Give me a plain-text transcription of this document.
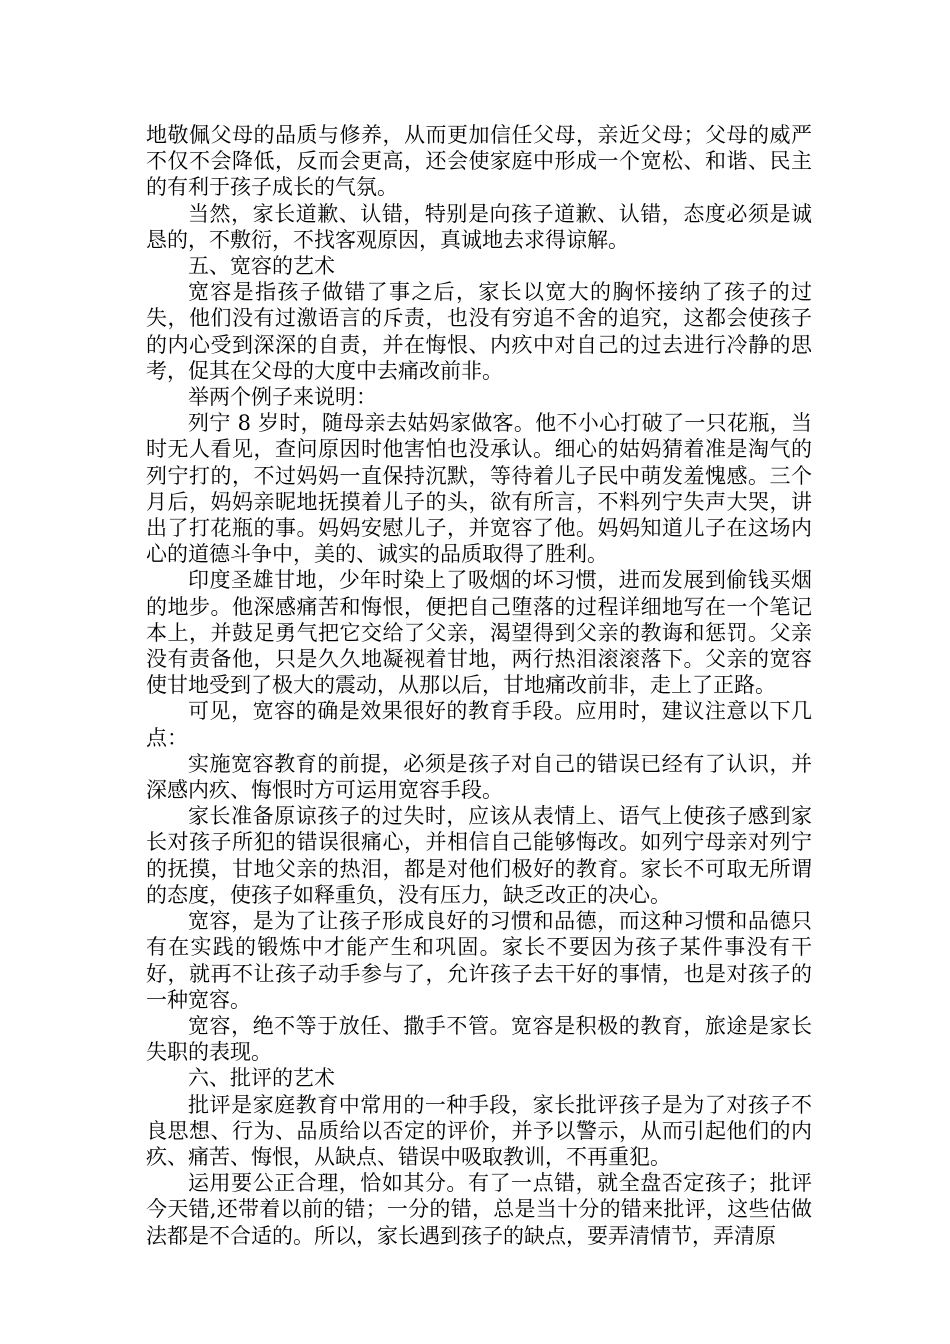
地敬佩父母的品质与修养，从而更加信任父母，亲近父母；父母的威严不仅不会降低，反而会更高，还会使家庭中形成一个宽松、和谐、民主的有利于孩子成长的气氛。

当然，家长道歉、认错，特别是向孩子道歉、认错，态度必须是诚恳的，不敷衍，不找客观原因，真诚地去求得谅解。

五、宽容的艺术

宽容是指孩子做错了事之后，家长以宽大的胸怀接纳了孩子的过失，他们没有过激语言的斥责，也没有穷追不舍的追究，这都会使孩子的内心受到深深的自责，并在悔恨、内疚中对自己的过去进行冷静的思考，促其在父母的大度中去痛改前非。

举两个例子来说明：

列宁 8 岁时，随母亲去姑妈家做客。他不小心打破了一只花瓶，当时无人看见，查问原因时他害怕也没承认。细心的姑妈猜着准是淘气的列宁打的，不过妈妈一直保持沉默，等待着儿子民中萌发羞愧感。三个月后，妈妈亲昵地抚摸着儿子的头，欲有所言，不料列宁失声大哭，讲出了打花瓶的事。妈妈安慰儿子，并宽容了他。妈妈知道儿子在这场内心的道德斗争中，美的、诚实的品质取得了胜利。

印度圣雄甘地，少年时染上了吸烟的坏习惯，进而发展到偷钱买烟的地步。他深感痛苦和悔恨，便把自己堕落的过程详细地写在一个笔记本上，并鼓足勇气把它交给了父亲，渴望得到父亲的教诲和惩罚。父亲没有责备他，只是久久地凝视着甘地，两行热泪滚滚落下。父亲的宽容使甘地受到了极大的震动，从那以后，甘地痛改前非，走上了正路。

可见，宽容的确是效果很好的教育手段。应用时，建议注意以下几点：

实施宽容教育的前提，必须是孩子对自己的错误已经有了认识，并深感内疚、悔恨时方可运用宽容手段。

家长准备原谅孩子的过失时，应该从表情上、语气上使孩子感到家长对孩子所犯的错误很痛心，并相信自己能够悔改。如列宁母亲对列宁的抚摸，甘地父亲的热泪，都是对他们极好的教育。家长不可取无所谓的态度，使孩子如释重负，没有压力，缺乏改正的决心。

宽容，是为了让孩子形成良好的习惯和品德，而这种习惯和品德只有在实践的锻炼中才能产生和巩固。家长不要因为孩子某件事没有干好，就再不让孩子动手参与了，允许孩子去干好的事情，也是对孩子的一种宽容。

宽容，绝不等于放任、撒手不管。宽容是积极的教育，旅途是家长失职的表现。

六、批评的艺术

批评是家庭教育中常用的一种手段，家长批评孩子是为了对孩子不良思想、行为、品质给以否定的评价，并予以警示，从而引起他们的内疚、痛苦、悔恨，从缺点、错误中吸取教训，不再重犯。

运用要公正合理，恰如其分。有了一点错，就全盘否定孩子；批评今天错,还带着以前的错；一分的错，总是当十分的错来批评，这些估做法都是不合适的。所以，家长遇到孩子的缺点，要弄清情节，弄清原
